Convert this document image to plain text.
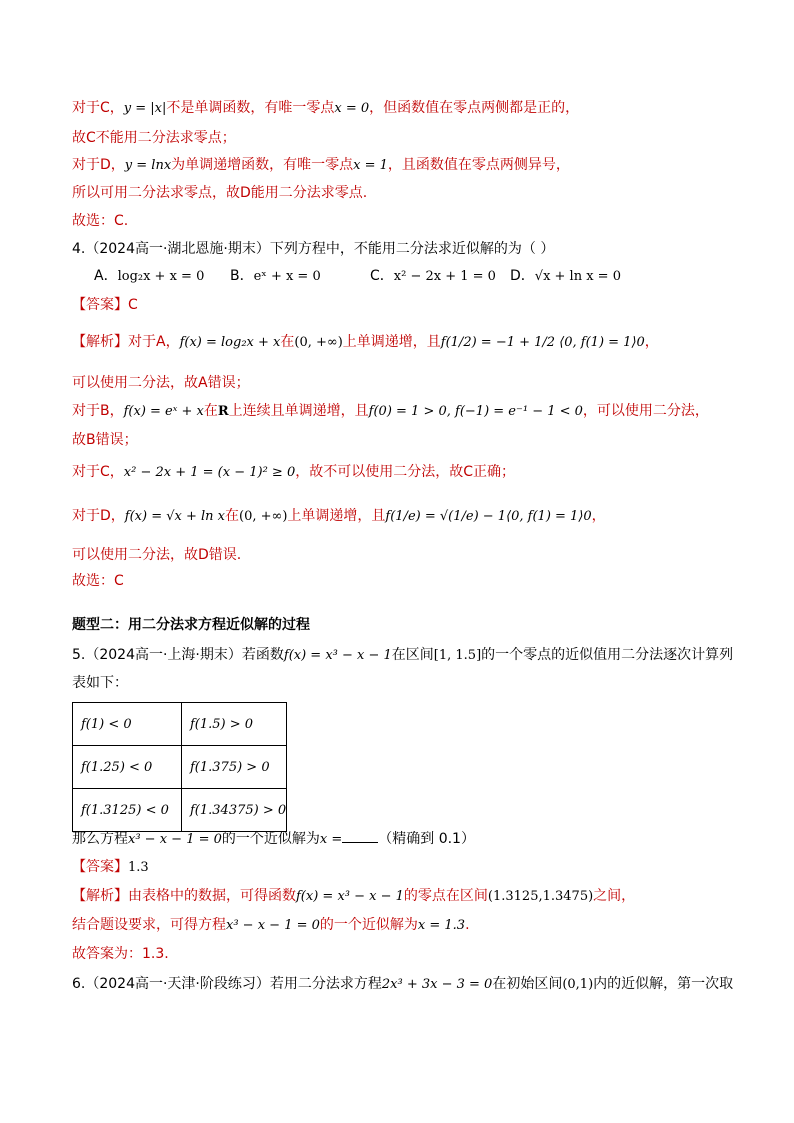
对于C，y = |x|不是单调函数，有唯一零点x = 0，但函数值在零点两侧都是正的，
故C不能用二分法求零点；
对于D，y = lnx为单调递增函数，有唯一零点x = 1，且函数值在零点两侧异号，
所以可用二分法求零点，故D能用二分法求零点.
故选：C.
4.（2024高一·湖北恩施·期末）下列方程中，不能用二分法求近似解的为（ ）
A．log₂x + x = 0 B．eˣ + x = 0	C．x² − 2x + 1 = 0 D．√x + ln x = 0
【答案】C
【解析】对于A，f(x) = log₂x + x在(0, +∞)上单调递增，且f(1/2) = −1 + 1/2 ⟨0, f(1) = 1⟩0，
可以使用二分法，故A错误；
对于B，f(x) = eˣ + x在R上连续且单调递增，且f(0) = 1 > 0, f(−1) = e⁻¹ − 1 < 0，可以使用二分法，
故B错误；
对于C，x² − 2x + 1 = (x − 1)² ≥ 0，故不可以使用二分法，故C正确；
对于D，f(x) = √x + ln x在(0, +∞)上单调递增，且f(1/e) = √(1/e) − 1⟨0, f(1) = 1⟩0，
可以使用二分法，故D错误.
故选：C
题型二：用二分法求方程近似解的过程
5.（2024高一·上海·期末）若函数f(x) = x³ − x − 1在区间[1, 1.5]的一个零点的近似值用二分法逐次计算列
表如下：
f(1) < 0	f(1.5) > 0
f(1.25) < 0	f(1.375) > 0
f(1.3125) < 0	f(1.34375) > 0
那么方程x³ − x − 1 = 0的一个近似解为x =	（精确到 0.1）
【答案】1.3
【解析】由表格中的数据，可得函数f(x) = x³ − x − 1的零点在区间(1.3125,1.3475)之间，
结合题设要求，可得方程x³ − x − 1 = 0的一个近似解为x = 1.3.
故答案为：1.3.
6.（2024高一·天津·阶段练习）若用二分法求方程2x³ + 3x − 3 = 0在初始区间(0,1)内的近似解，第一次取
